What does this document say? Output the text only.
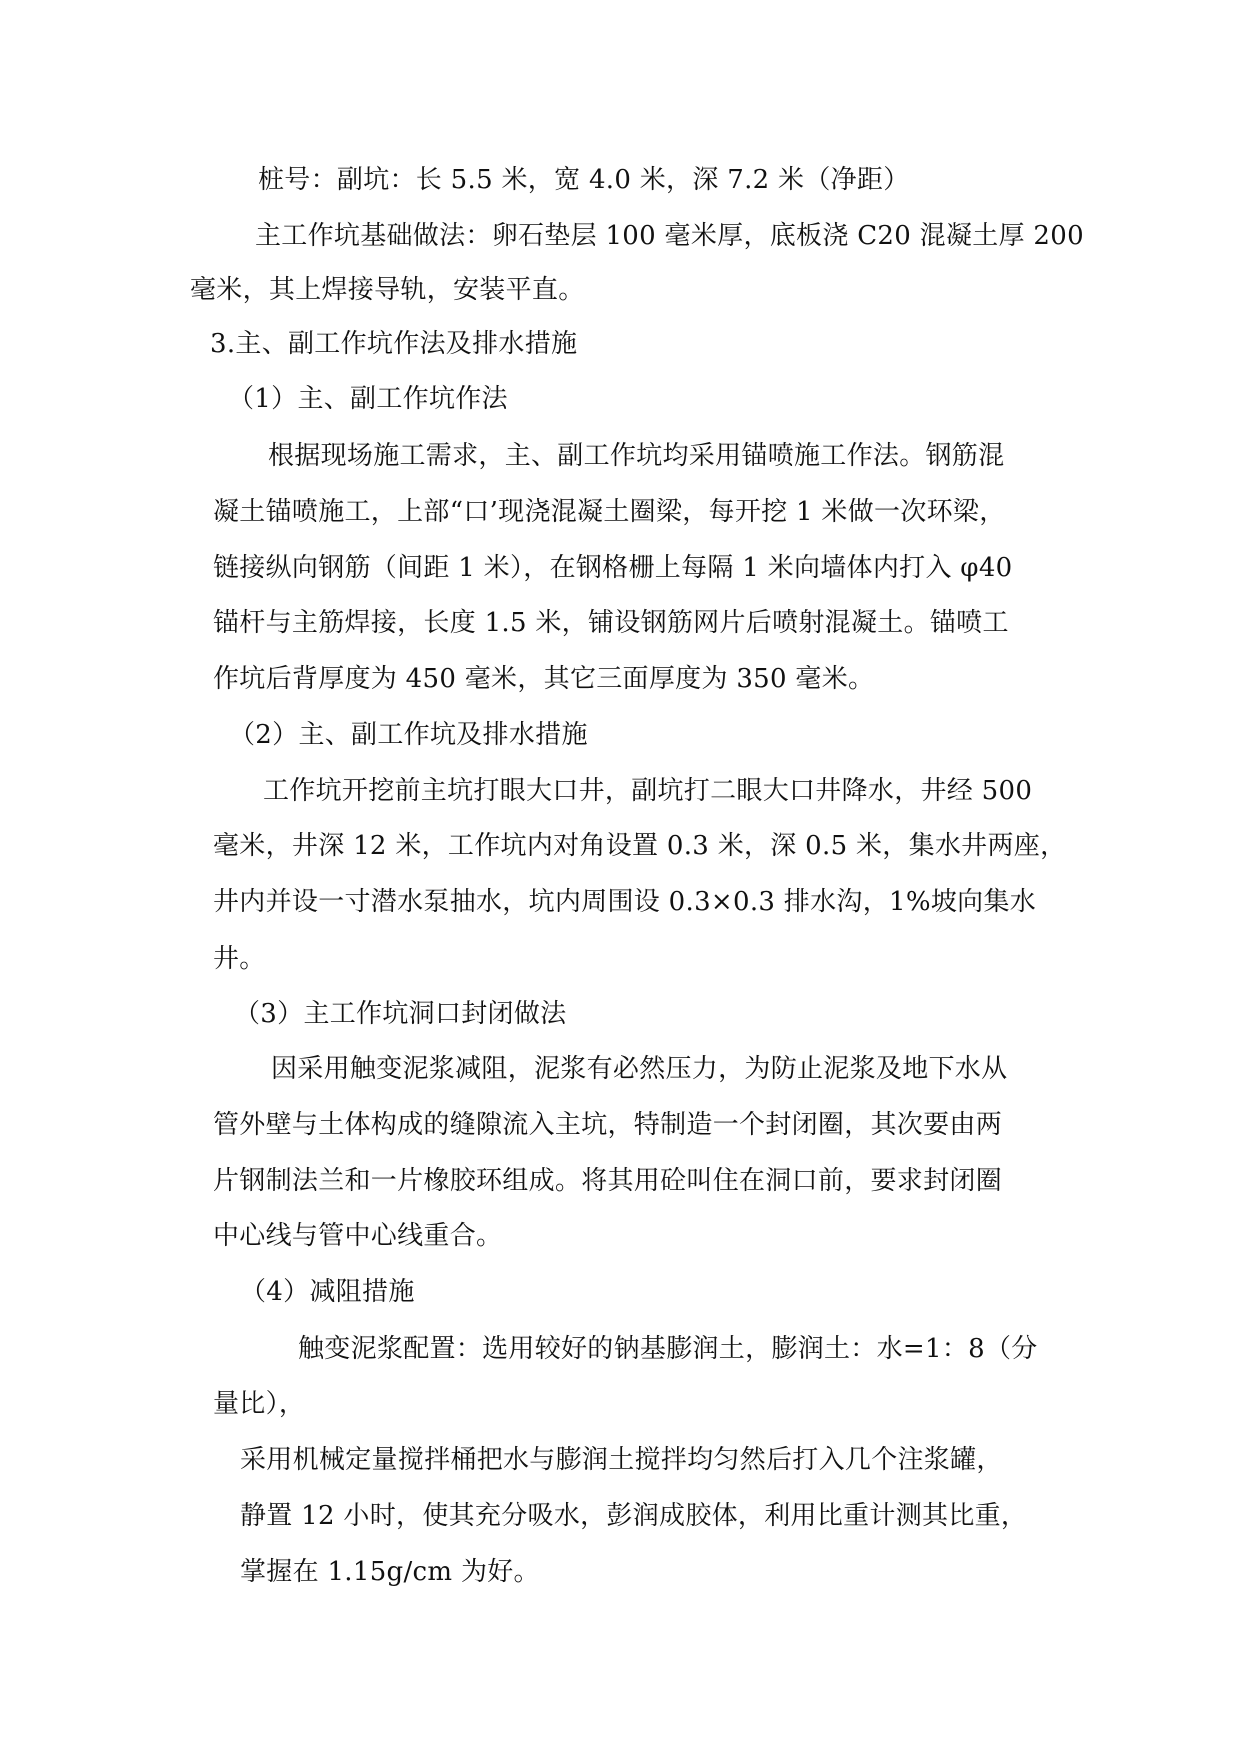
桩号：副坑：长 5.5 米，宽 4.0 米，深 7.2 米（净距）

主工作坑基础做法：卵石垫层 100 毫米厚，底板浇 C20 混凝土厚 200

毫米，其上焊接导轨，安装平直。

3.主、副工作坑作法及排水措施

（1）主、副工作坑作法

根据现场施工需求，主、副工作坑均采用锚喷施工作法。钢筋混

凝土锚喷施工，上部“口’现浇混凝土圈梁，每开挖 1 米做一次环梁，

链接纵向钢筋（间距 1 米），在钢格栅上每隔 1 米向墙体内打入 φ40

锚杆与主筋焊接，长度 1.5 米，铺设钢筋网片后喷射混凝土。锚喷工

作坑后背厚度为 450 毫米，其它三面厚度为 350 毫米。

（2）主、副工作坑及排水措施

工作坑开挖前主坑打眼大口井，副坑打二眼大口井降水，井经 500

毫米，井深 12 米，工作坑内对角设置 0.3 米，深 0.5 米，集水井两座，

井内并设一寸潜水泵抽水，坑内周围设 0.3×0.3 排水沟，1%坡向集水

井。

（3）主工作坑洞口封闭做法

因采用触变泥浆减阻，泥浆有必然压力，为防止泥浆及地下水从

管外壁与土体构成的缝隙流入主坑，特制造一个封闭圈，其次要由两

片钢制法兰和一片橡胶环组成。将其用砼叫住在洞口前，要求封闭圈

中心线与管中心线重合。

（4）减阻措施

触变泥浆配置：选用较好的钠基膨润土，膨润土：水=1：8（分

量比），

采用机械定量搅拌桶把水与膨润土搅拌均匀然后打入几个注浆罐，

静置 12 小时，使其充分吸水，彭润成胶体，利用比重计测其比重，

掌握在 1.15g/cm 为好。
